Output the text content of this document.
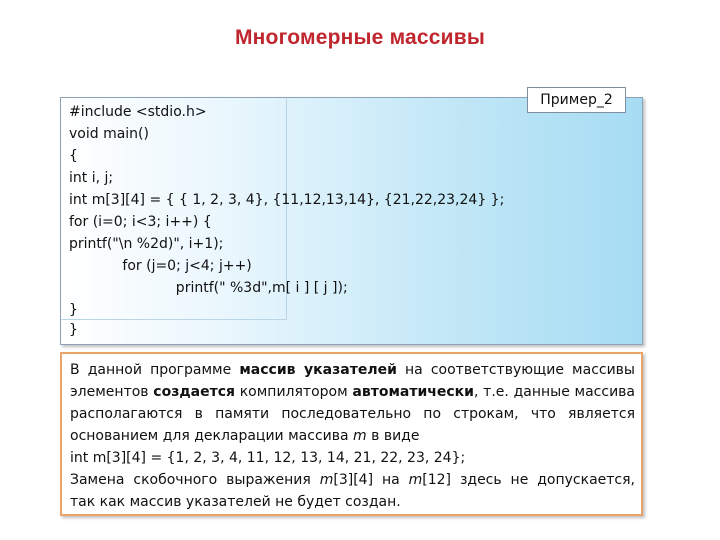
Многомерные массивы
#include <stdio.h>
void main()
{
int i, j;
int m[3][4] = { { 1, 2, 3, 4}, {11,12,13,14}, {21,22,23,24} };
for (i=0; i<3; i++) {
printf("\n %2d)", i+1);
for (j=0; j<4; j++)
printf(" %3d",m[ i ] [ j ]);
}
}
Пример_2
В данной программе массив указателей на соответствующие массивы
элементов создается компилятором автоматически, т.е. данные массива
располагаются в памяти последовательно по строкам, что является
основанием для декларации массива m в виде
int m[3][4] = {1, 2, 3, 4, 11, 12, 13, 14, 21, 22, 23, 24};
Замена скобочного выражения m[3][4] на m[12] здесь не допускается,
так как массив указателей не будет создан.
